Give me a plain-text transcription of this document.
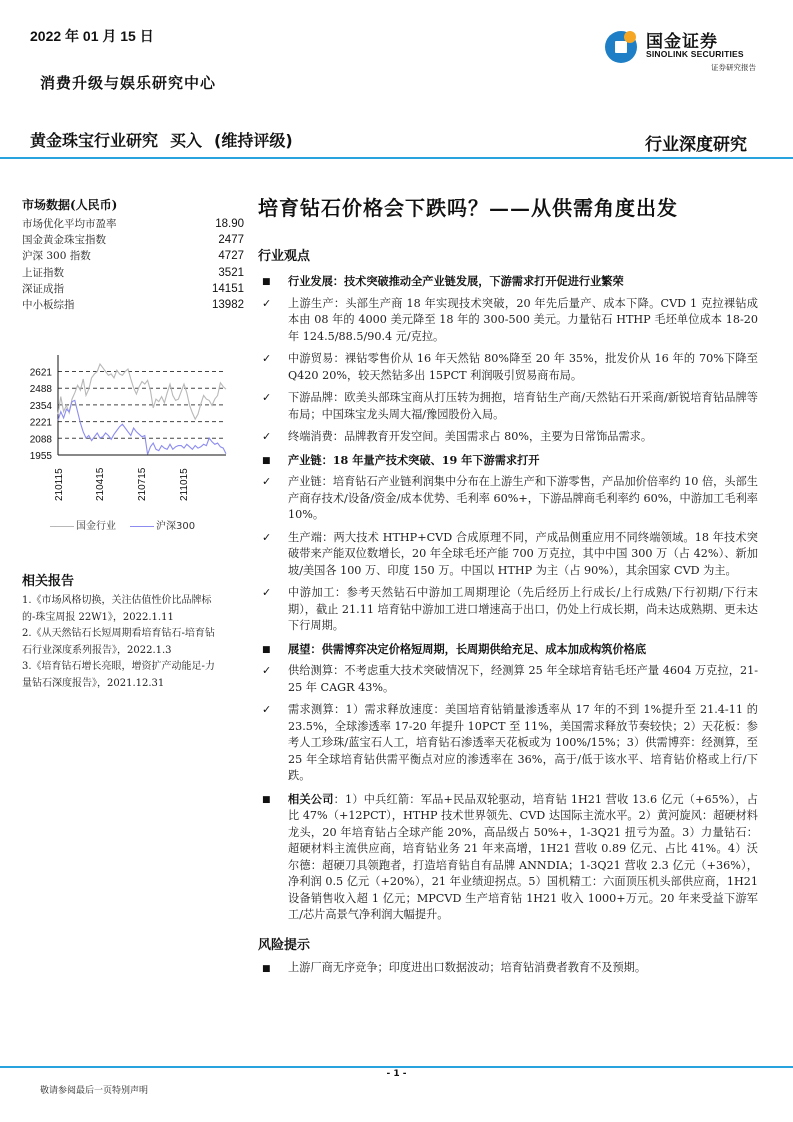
2022 年 01 月 15 日
消费升级与娱乐研究中心
国金证券
SINOLINK SECURITIES
证券研究报告
黄金珠宝行业研究 买入 (维持评级)	行业深度研究
市场数据(人民币)
市场优化平均市盈率	18.90
国金黄金珠宝指数	2477
沪深 300 指数	4727
上证指数	3521
深证成指	14151
中小板综指	13982
1955
2088
2221
2354
2488
2621
210115	210415	210715	211015
国金行业	沪深300
相关报告
1.《市场风格切换，关注估值性价比品牌标
的-珠宝周报 22W1》，2022.1.11
2.《从天然钻石长短周期看培育钻石-培育钻
石行业深度系列报告》，2022.1.3
3.《培育钻石增长亮眼，增资扩产动能足-力
量钻石深度报告》，2021.12.31
培育钻石价格会下跌吗？——从供需角度出发
行业观点
■ 行业发展：技术突破推动全产业链发展，下游需求打开促进行业繁荣
✓ 上游生产：头部生产商 18 年实现技术突破，20 年先后量产、成本下降。CVD 1 克拉裸钻成本由 08 年的 4000 美元降至 18 年的 300-500 美元。力量钻石 HTHP 毛坯单位成本 18-20 年 124.5/88.5/90.4 元/克拉。
✓ 中游贸易：裸钻零售价从 16 年天然钻 80%降至 20 年 35%，批发价从 16 年的 70%下降至 Q420 20%，较天然钻多出 15PCT 利润吸引贸易商布局。
✓ 下游品牌：欧美头部珠宝商从打压转为拥抱，培育钻生产商/天然钻石开采商/新锐培育钻品牌等布局；中国珠宝龙头周大福/豫园股份入局。
✓ 终端消费：品牌教育开发空间。美国需求占 80%，主要为日常饰品需求。
■ 产业链：18 年量产技术突破、19 年下游需求打开
✓ 产业链：培育钻石产业链利润集中分布在上游生产和下游零售，产品加价倍率约 10 倍，头部生产商存技术/设备/资金/成本优势、毛利率 60%+，下游品牌商毛利率约 60%，中游加工毛利率 10%。
✓ 生产端：两大技术 HTHP+CVD 合成原理不同，产成品侧重应用不同终端领域。18 年技术突破带来产能双位数增长，20 年全球毛坯产能 700 万克拉，其中中国 300 万（占 42%）、新加坡/美国各 100 万、印度 150 万。中国以 HTHP 为主（占 90%），其余国家 CVD 为主。
✓ 中游加工：参考天然钻石中游加工周期理论（先后经历上行成长/上行成熟/下行初期/下行末期），截止 21.11 培育钻中游加工进口增速高于出口，仍处上行成长期，尚未达成熟期、更未达下行周期。
■ 展望：供需博弈决定价格短周期，长周期供给充足、成本加成构筑价格底
✓ 供给测算：不考虑重大技术突破情况下，经测算 25 年全球培育钻毛坯产量 4604 万克拉，21-25 年 CAGR 43%。
✓ 需求测算：1）需求释放速度：美国培育钻销量渗透率从 17 年的不到 1%提升至 21.4-11 的 23.5%，全球渗透率 17-20 年提升 10PCT 至 11%，美国需求释放节奏较快；2）天花板：参考人工珍珠/蓝宝石人工，培育钻石渗透率天花板或为 100%/15%；3）供需博弈：经测算，至 25 年全球培育钻供需平衡点对应的渗透率在 36%，高于/低于该水平、培育钻价格或上行/下跌。
■ 相关公司：1）中兵红箭：军品+民品双轮驱动，培育钻 1H21 营收 13.6 亿元（+65%），占比 47%（+12PCT），HTHP 技术世界领先、CVD 达国际主流水平。2）黄河旋风：超硬材料龙头，20 年培育钻占全球产能 20%，高品级占 50%+，1-3Q21 扭亏为盈。3）力量钻石：超硬材料主流供应商，培育钻业务 21 年来高增，1H21 营收 0.89 亿元、占比 41%。4）沃尔德：超硬刀具领跑者，打造培育钻自有品牌 ANNDIA；1-3Q21 营收 2.3 亿元（+36%），净利润 0.5 亿元（+20%），21 年业绩迎拐点。5）国机精工：六面顶压机头部供应商，1H21 设备销售收入超 1 亿元；MPCVD 生产培育钻 1H21 收入 1000+万元。20 年来受益下游军工/芯片高景气净利润大幅提升。
风险提示
■ 上游厂商无序竞争；印度进出口数据波动；培育钻消费者教育不及预期。
- 1 -
敬请参阅最后一页特别声明
